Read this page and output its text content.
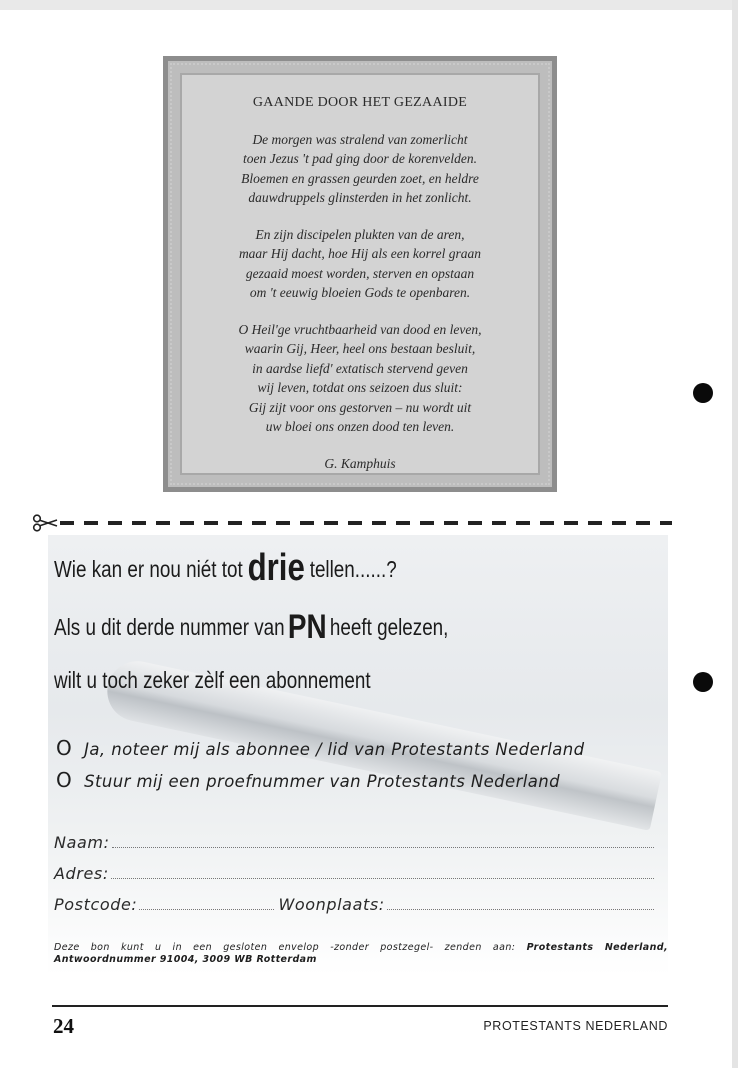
GAANDE DOOR HET GEZAAIDE
De morgen was stralend van zomerlicht
toen Jezus 't pad ging door de korenvelden.
Bloemen en grassen geurden zoet, en heldre
dauwdruppels glinsterden in het zonlicht.
En zijn discipelen plukten van de aren,
maar Hij dacht, hoe Hij als een korrel graan
gezaaid moest worden, sterven en opstaan
om 't eeuwig bloeien Gods te openbaren.
O Heil'ge vruchtbaarheid van dood en leven,
waarin Gij, Heer, heel ons bestaan besluit,
in aardse liefd' extatisch stervend geven
wij leven, totdat ons seizoen dus sluit:
Gij zijt voor ons gestorven – nu wordt uit
uw bloei ons onzen dood ten leven.
G. Kamphuis
Wie kan er nou niét tot drie tellen......?
Als u dit derde nummer vanPN heeft gelezen,
wilt u toch zeker zèlf een abonnement
O Ja, noteer mij als abonnee / lid van Protestants Nederland
O Stuur mij een proefnummer van Protestants Nederland
Naam:
Adres:
Postcode:	Woonplaats:
Deze bon kunt u in een gesloten envelop -zonder postzegel- zenden aan: Protestants Nederland, Antwoordnummer 91004, 3009 WB Rotterdam
24	PROTESTANTS NEDERLAND
